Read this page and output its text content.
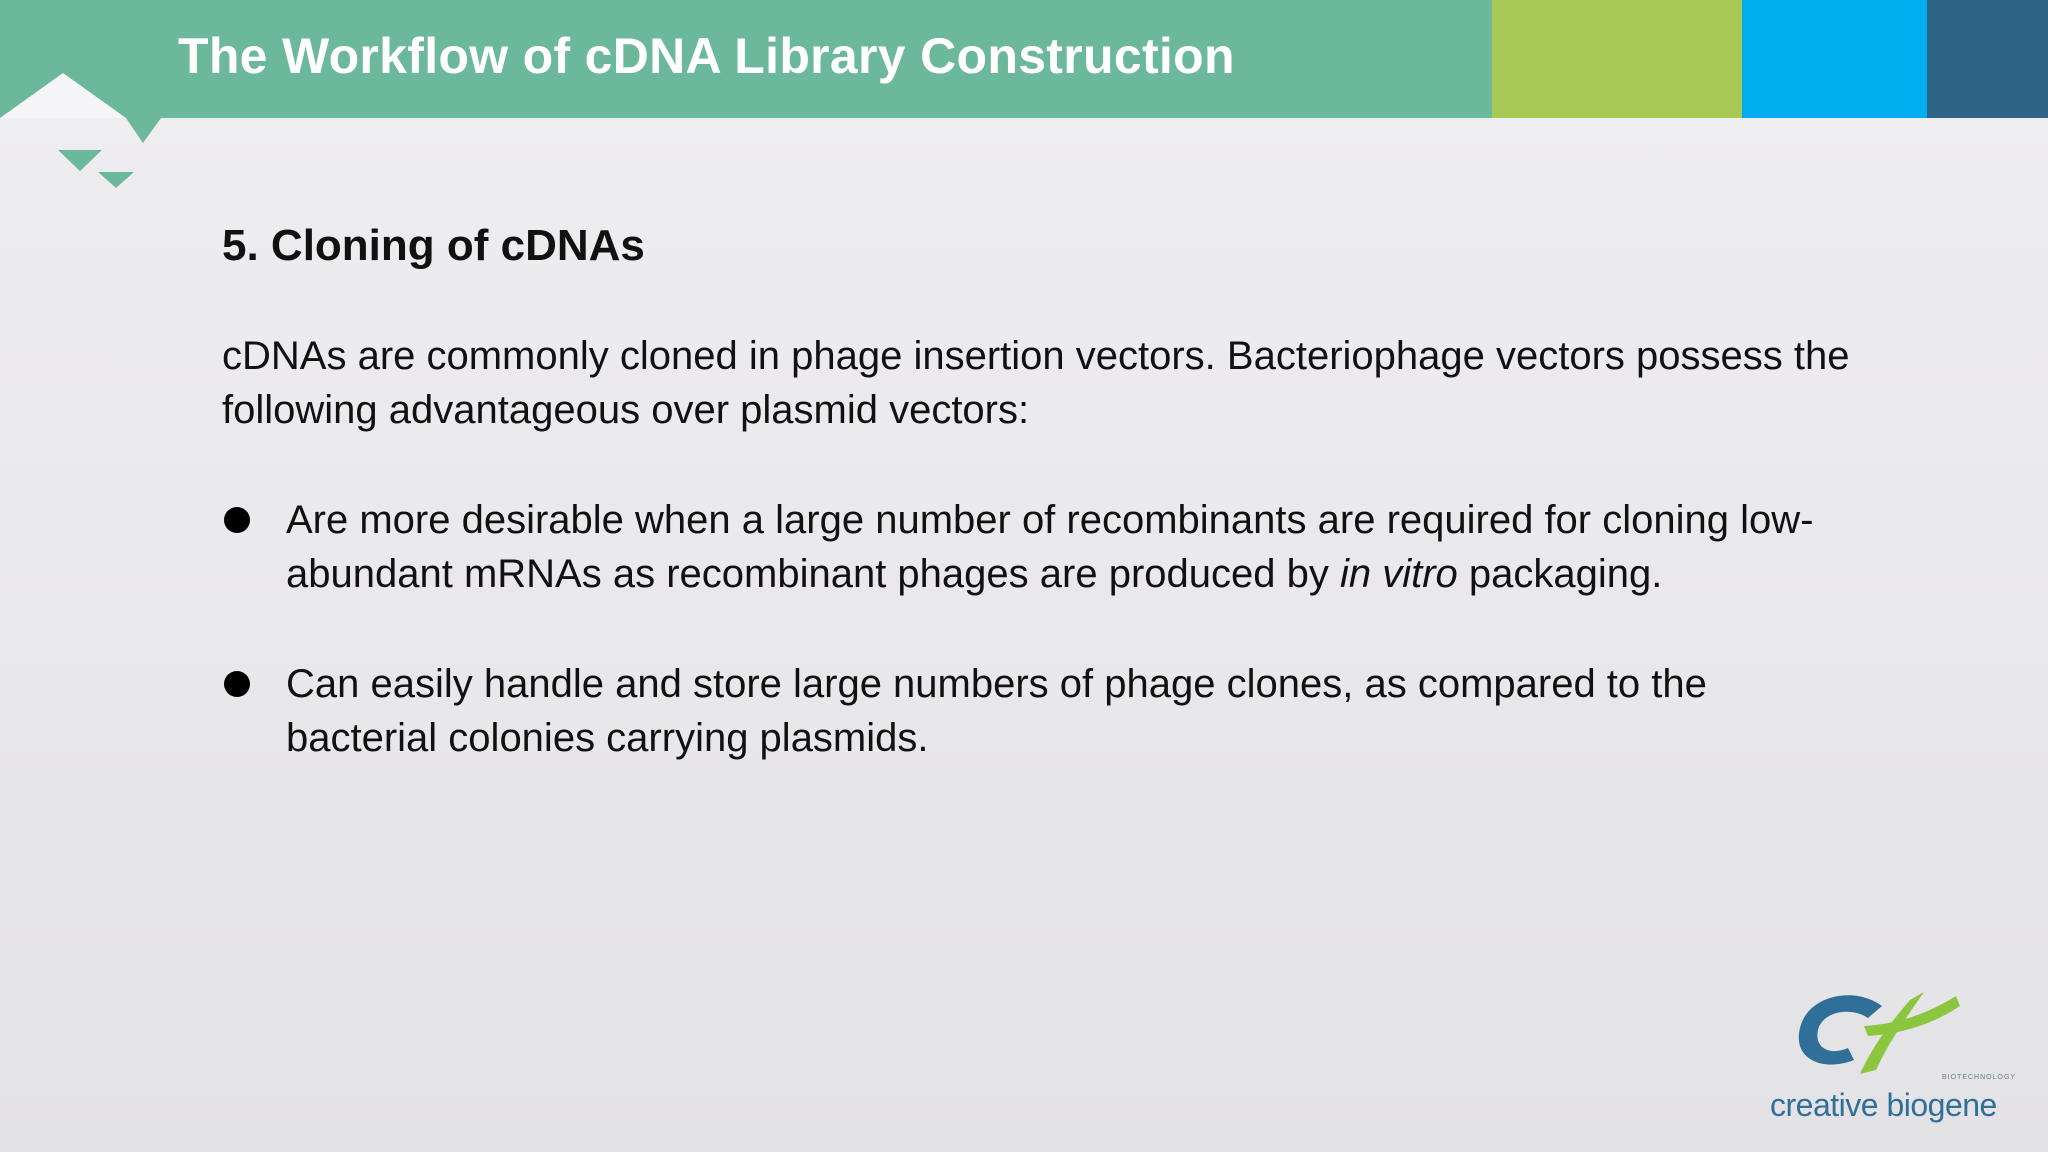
The Workflow of cDNA Library Construction
5. Cloning of cDNAs

cDNAs are commonly cloned in phage insertion vectors. Bacteriophage vectors possess the following advantageous over plasmid vectors:

Are more desirable when a large number of recombinants are required for cloning low-abundant mRNAs as recombinant phages are produced by in vitro packaging.
Can easily handle and store large numbers of phage clones, as compared to the bacterial colonies carrying plasmids.
BIOTECHNOLOGY
creative biogene
